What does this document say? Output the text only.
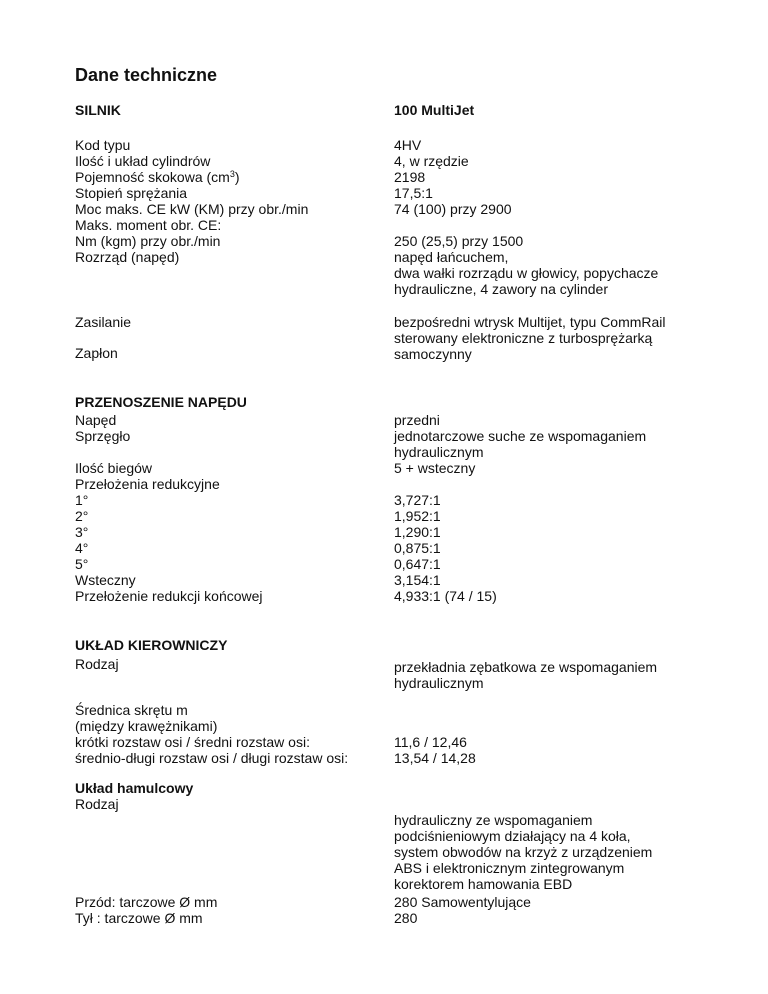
Dane techniczne
SILNIK	100 MultiJet
Kod typu	4HV
Ilość i układ cylindrów	4, w rzędzie
Pojemność skokowa $(cm^3)$	2198
Stopień sprężania	17,5:1
Moc maks. CE kW (KM) przy obr./min	74 (100) przy 2900
Maks. moment obr. CE:
Nm (kgm) przy obr./min	250 (25,5) przy 1500
Rozrząd (napęd)	napęd łańcuchem,
dwa wałki rozrządu w głowicy, popychacze
hydrauliczne, 4 zawory na cylinder
Zasilanie	bezpośredni wtrysk Multijet, typu CommRail
sterowany elektroniczne z turbosprężarką
samoczynny
Zapłon
PRZENOSZENIE NAPĘDU
Napęd	przedni
Sprzęgło	jednotarczowe suche ze wspomaganiem
hydraulicznym
Ilość biegów	5 + wsteczny
Przełożenia redukcyjne
1°	3,727:1
2°	1,952:1
3°	1,290:1
4°	0,875:1
5°	0,647:1
Wsteczny	3,154:1
Przełożenie redukcji końcowej	4,933:1 (74 / 15)
UKŁAD KIEROWNICZY
Rodzaj	przekładnia zębatkowa ze wspomaganiem
hydraulicznym
Średnica skrętu m
(między krawężnikami)
krótki rozstaw osi / średni rozstaw osi:	11,6 / 12,46
średnio-długi rozstaw osi / długi rozstaw osi:	13,54 / 14,28
Układ hamulcowy
Rodzaj
hydrauliczny ze wspomaganiem
podciśnieniowym działający na 4 koła,
system obwodów na krzyż z urządzeniem
ABS i elektronicznym zintegrowanym
korektorem hamowania EBD
Przód: tarczowe Ø mm	280 Samowentylujące
Tył : tarczowe Ø mm	280
